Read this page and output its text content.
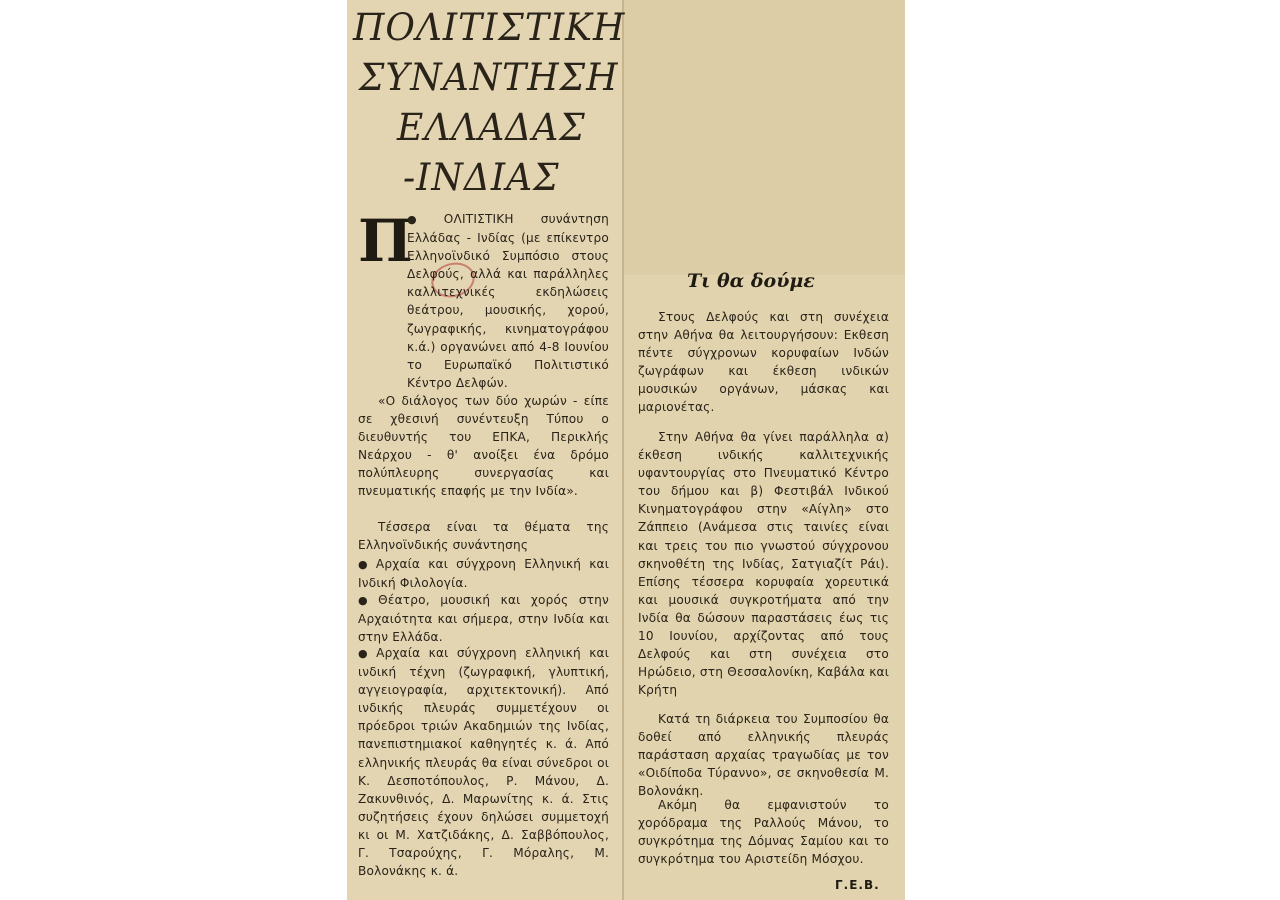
ΠΟΛΙΤΙΣΤΙΚΗ
ΣΥΝΑΝΤΗΣΗ
ΕΛΛΑΔΑΣ
-ΙΝΔΙΑΣ
Π

●	ΟΛΙΤΙΣΤΙΚΗ συνάντηση Ελλάδας - Ινδίας (με επίκεντρο Ελληνοϊνδικό Συμπόσιο στους Δελφούς, αλλά και παράλληλες καλλιτεχνικές εκδηλώσεις θεάτρου, μουσικής, χορού, ζωγραφικής, κινηματογράφου κ.ά.) οργανώνει από 4-8 Ιουνίου το Ευρωπαϊκό Πολιτιστικό Κέντρο Δελφών.

«Ο διάλογος των δύο χωρών - είπε σε χθεσινή συνέντευξη Τύπου ο διευθυντής του ΕΠΚΑ, Περικλής Νεάρχου - θ' ανοίξει ένα δρόμο πολύπλευρης συνεργασίας και πνευματικής επαφής με την Ινδία».

Τέσσερα είναι τα θέματα της Ελληνοϊνδικής συνάντησης

● Αρχαία και σύγχρονη Ελληνική και Ινδική Φιλολογία.

● Θέατρο, μουσική και χορός στην Αρχαιότητα και σήμερα, στην Ινδία και στην Ελλάδα.

● Αρχαία και σύγχρονη ελληνική και ινδική τέχνη (ζωγραφική, γλυπτική, αγγειογραφία, αρχιτεκτονική). Από ινδικής πλευράς συμμετέχουν οι πρόεδροι τριών Ακαδημιών της Ινδίας, πανεπιστημιακοί καθηγητές κ. ά. Από ελληνικής πλευράς θα είναι σύνεδροι οι Κ. Δεσποτόπουλος, Ρ. Μάνου, Δ. Ζακυνθινός, Δ. Μαρωνίτης κ. ά. Στις συζητήσεις έχουν δηλώσει συμμετοχή κι οι Μ. Χατζιδάκης, Δ. Σαββόπουλος, Γ. Τσαρούχης, Γ. Μόραλης, Μ. Βολονάκης κ. ά.

Τι θα δούμε

Στους Δελφούς και στη συνέχεια στην Αθήνα θα λειτουργήσουν: Εκθεση πέντε σύγχρονων κορυφαίων Ινδών ζωγράφων και έκθεση ινδικών μουσικών οργάνων, μάσκας και μαριονέτας.

Στην Αθήνα θα γίνει παράλληλα α) έκθεση ινδικής καλλιτεχνικής υφαντουργίας στο Πνευματικό Κέντρο του δήμου και β) Φεστιβάλ Ινδικού Κινηματογράφου στην «Αίγλη» στο Ζάππειο (Ανάμεσα στις ταινίες είναι και τρεις του πιο γνωστού σύγχρονου σκηνοθέτη της Ινδίας, Σατγιαζίτ Ράι). Επίσης τέσσερα κορυφαία χορευτικά και μουσικά συγκροτήματα από την Ινδία θα δώσουν παραστάσεις έως τις 10 Ιουνίου, αρχίζοντας από τους Δελφούς και στη συνέχεια στο Ηρώδειο, στη Θεσσαλονίκη, Καβάλα και Κρήτη

Κατά τη διάρκεια του Συμποσίου θα δοθεί από ελληνικής πλευράς παράσταση αρχαίας τραγωδίας με τον «Οιδίποδα Τύραννο», σε σκηνοθεσία Μ. Βολονάκη.

Ακόμη θα εμφανιστούν το χορόδραμα της Ραλλούς Μάνου, το συγκρότημα της Δόμνας Σαμίου και το συγκρότημα του Αριστείδη Μόσχου.

Γ.Ε.Β.
